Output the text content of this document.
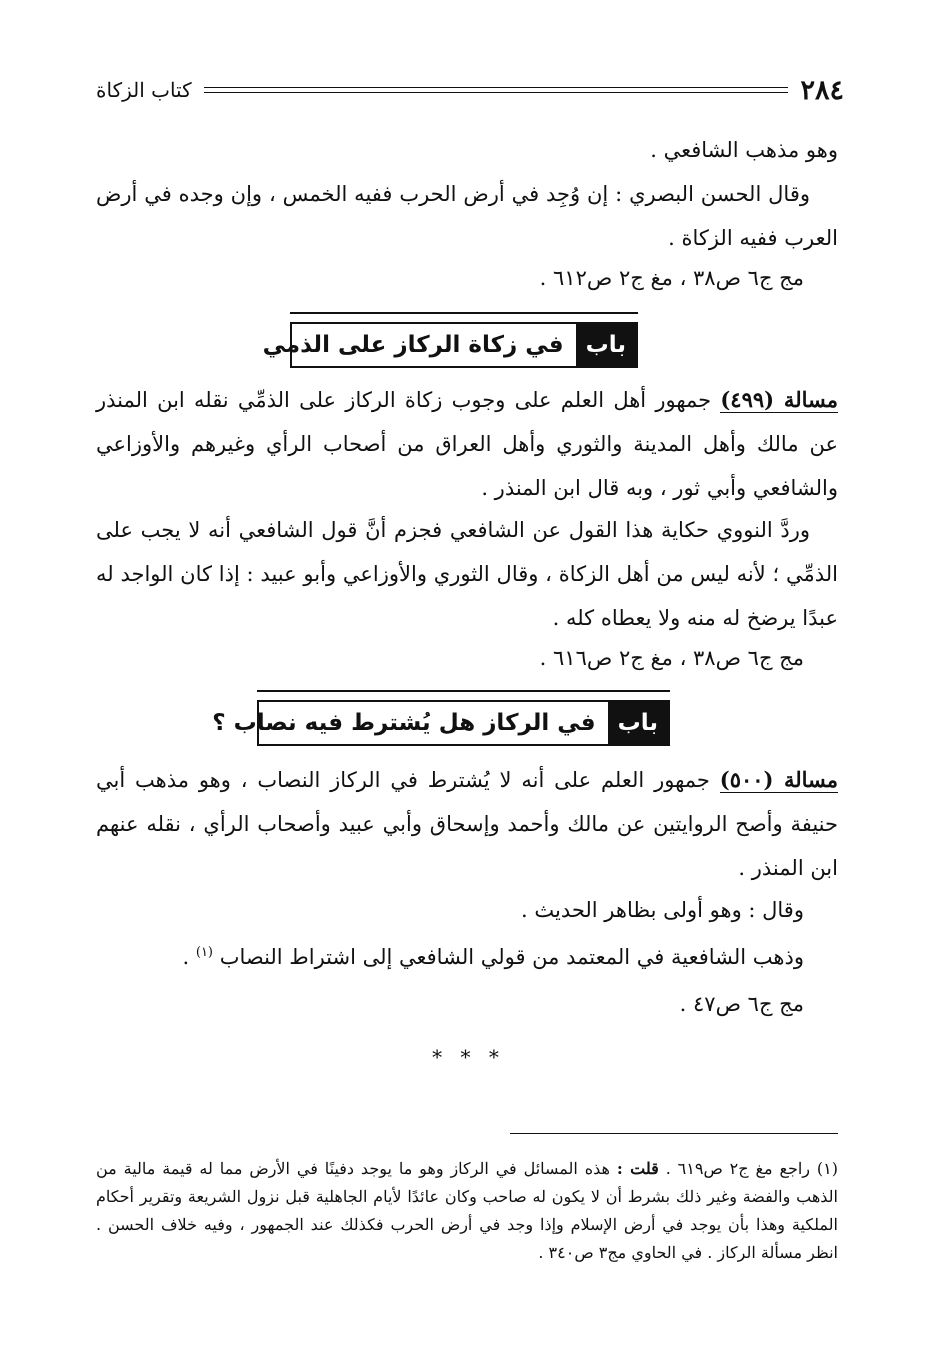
٢٨٤
كتاب الزكاة

وهو مذهب الشافعي .

وقال الحسن البصري : إن وُجِد في أرض الحرب ففيه الخمس ، وإن وجده في أرض العرب ففيه الزكاة .

مج ج٦ ص٣٨ ، مغ ج٢ ص٦١٢ .

باب
في زكاة الركاز على الذمي

مسالة (٤٩٩) جمهور أهل العلم على وجوب زكاة الركاز على الذمِّي نقله ابن المنذر عن مالك وأهل المدينة والثوري وأهل العراق من أصحاب الرأي وغيرهم والأوزاعي والشافعي وأبي ثور ، وبه قال ابن المنذر .

وردَّ النووي حكاية هذا القول عن الشافعي فجزم أنَّ قول الشافعي أنه لا يجب على الذمِّي ؛ لأنه ليس من أهل الزكاة ، وقال الثوري والأوزاعي وأبو عبيد : إذا كان الواجد له عبدًا يرضخ له منه ولا يعطاه كله .

مج ج٦ ص٣٨ ، مغ ج٢ ص٦١٦ .

باب
في الركاز هل يُشترط فيه نصاب ؟

مسالة (٥٠٠) جمهور العلم على أنه لا يُشترط في الركاز النصاب ، وهو مذهب أبي حنيفة وأصح الروايتين عن مالك وأحمد وإسحاق وأبي عبيد وأصحاب الرأي ، نقله عنهم ابن المنذر .

وقال : وهو أولى بظاهر الحديث .

وذهب الشافعية في المعتمد من قولي الشافعي إلى اشتراط النصاب $^{(١)}$ .

مج ج٦ ص٤٧ .

* * *

(١) راجع مغ ج٢ ص٦١٩ . قلت : هذه المسائل في الركاز وهو ما يوجد دفينًا في الأرض مما له قيمة مالية من الذهب والفضة وغير ذلك بشرط أن لا يكون له صاحب وكان عائدًا لأيام الجاهلية قبل نزول الشريعة وتقرير أحكام الملكية وهذا بأن يوجد في أرض الإسلام وإذا وجد في أرض الحرب فكذلك عند الجمهور ، وفيه خلاف الحسن . انظر مسألة الركاز . في الحاوي مج٣ ص٣٤٠ .
